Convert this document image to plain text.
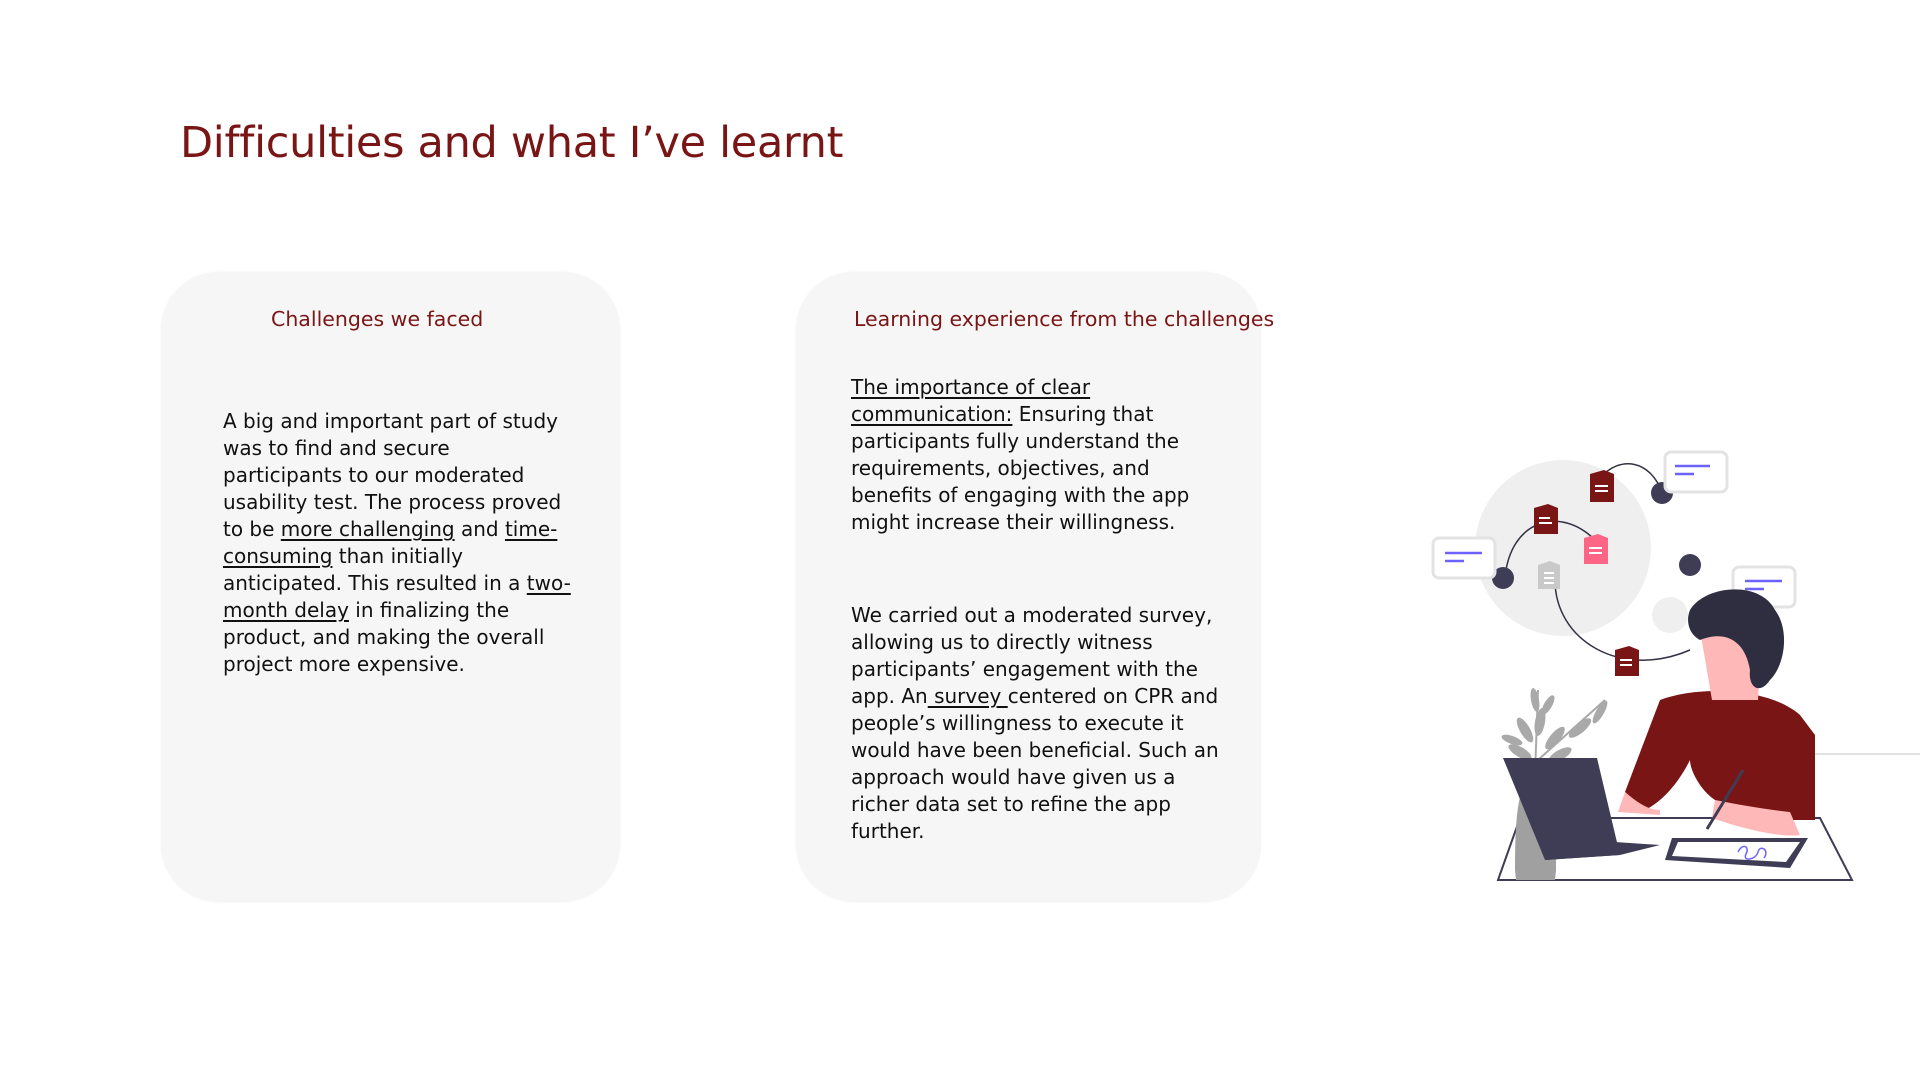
Difficulties and what I’ve learnt
Challenges we faced

A big and important part of study was to find and secure participants to our moderated usability test. The process proved to be more challenging and time-consuming than initially anticipated. This resulted in a two-month delay in finalizing the product, and making the overall project more expensive.

Learning experience from the challenges

The importance of clear communication: Ensuring that participants fully understand the requirements, objectives, and benefits of engaging with the app might increase their willingness.

We carried out a moderated survey, allowing us to directly witness participants’ engagement with the app. An survey centered on CPR and people’s willingness to execute it would have been beneficial. Such an approach would have given us a richer data set to refine the app further.
